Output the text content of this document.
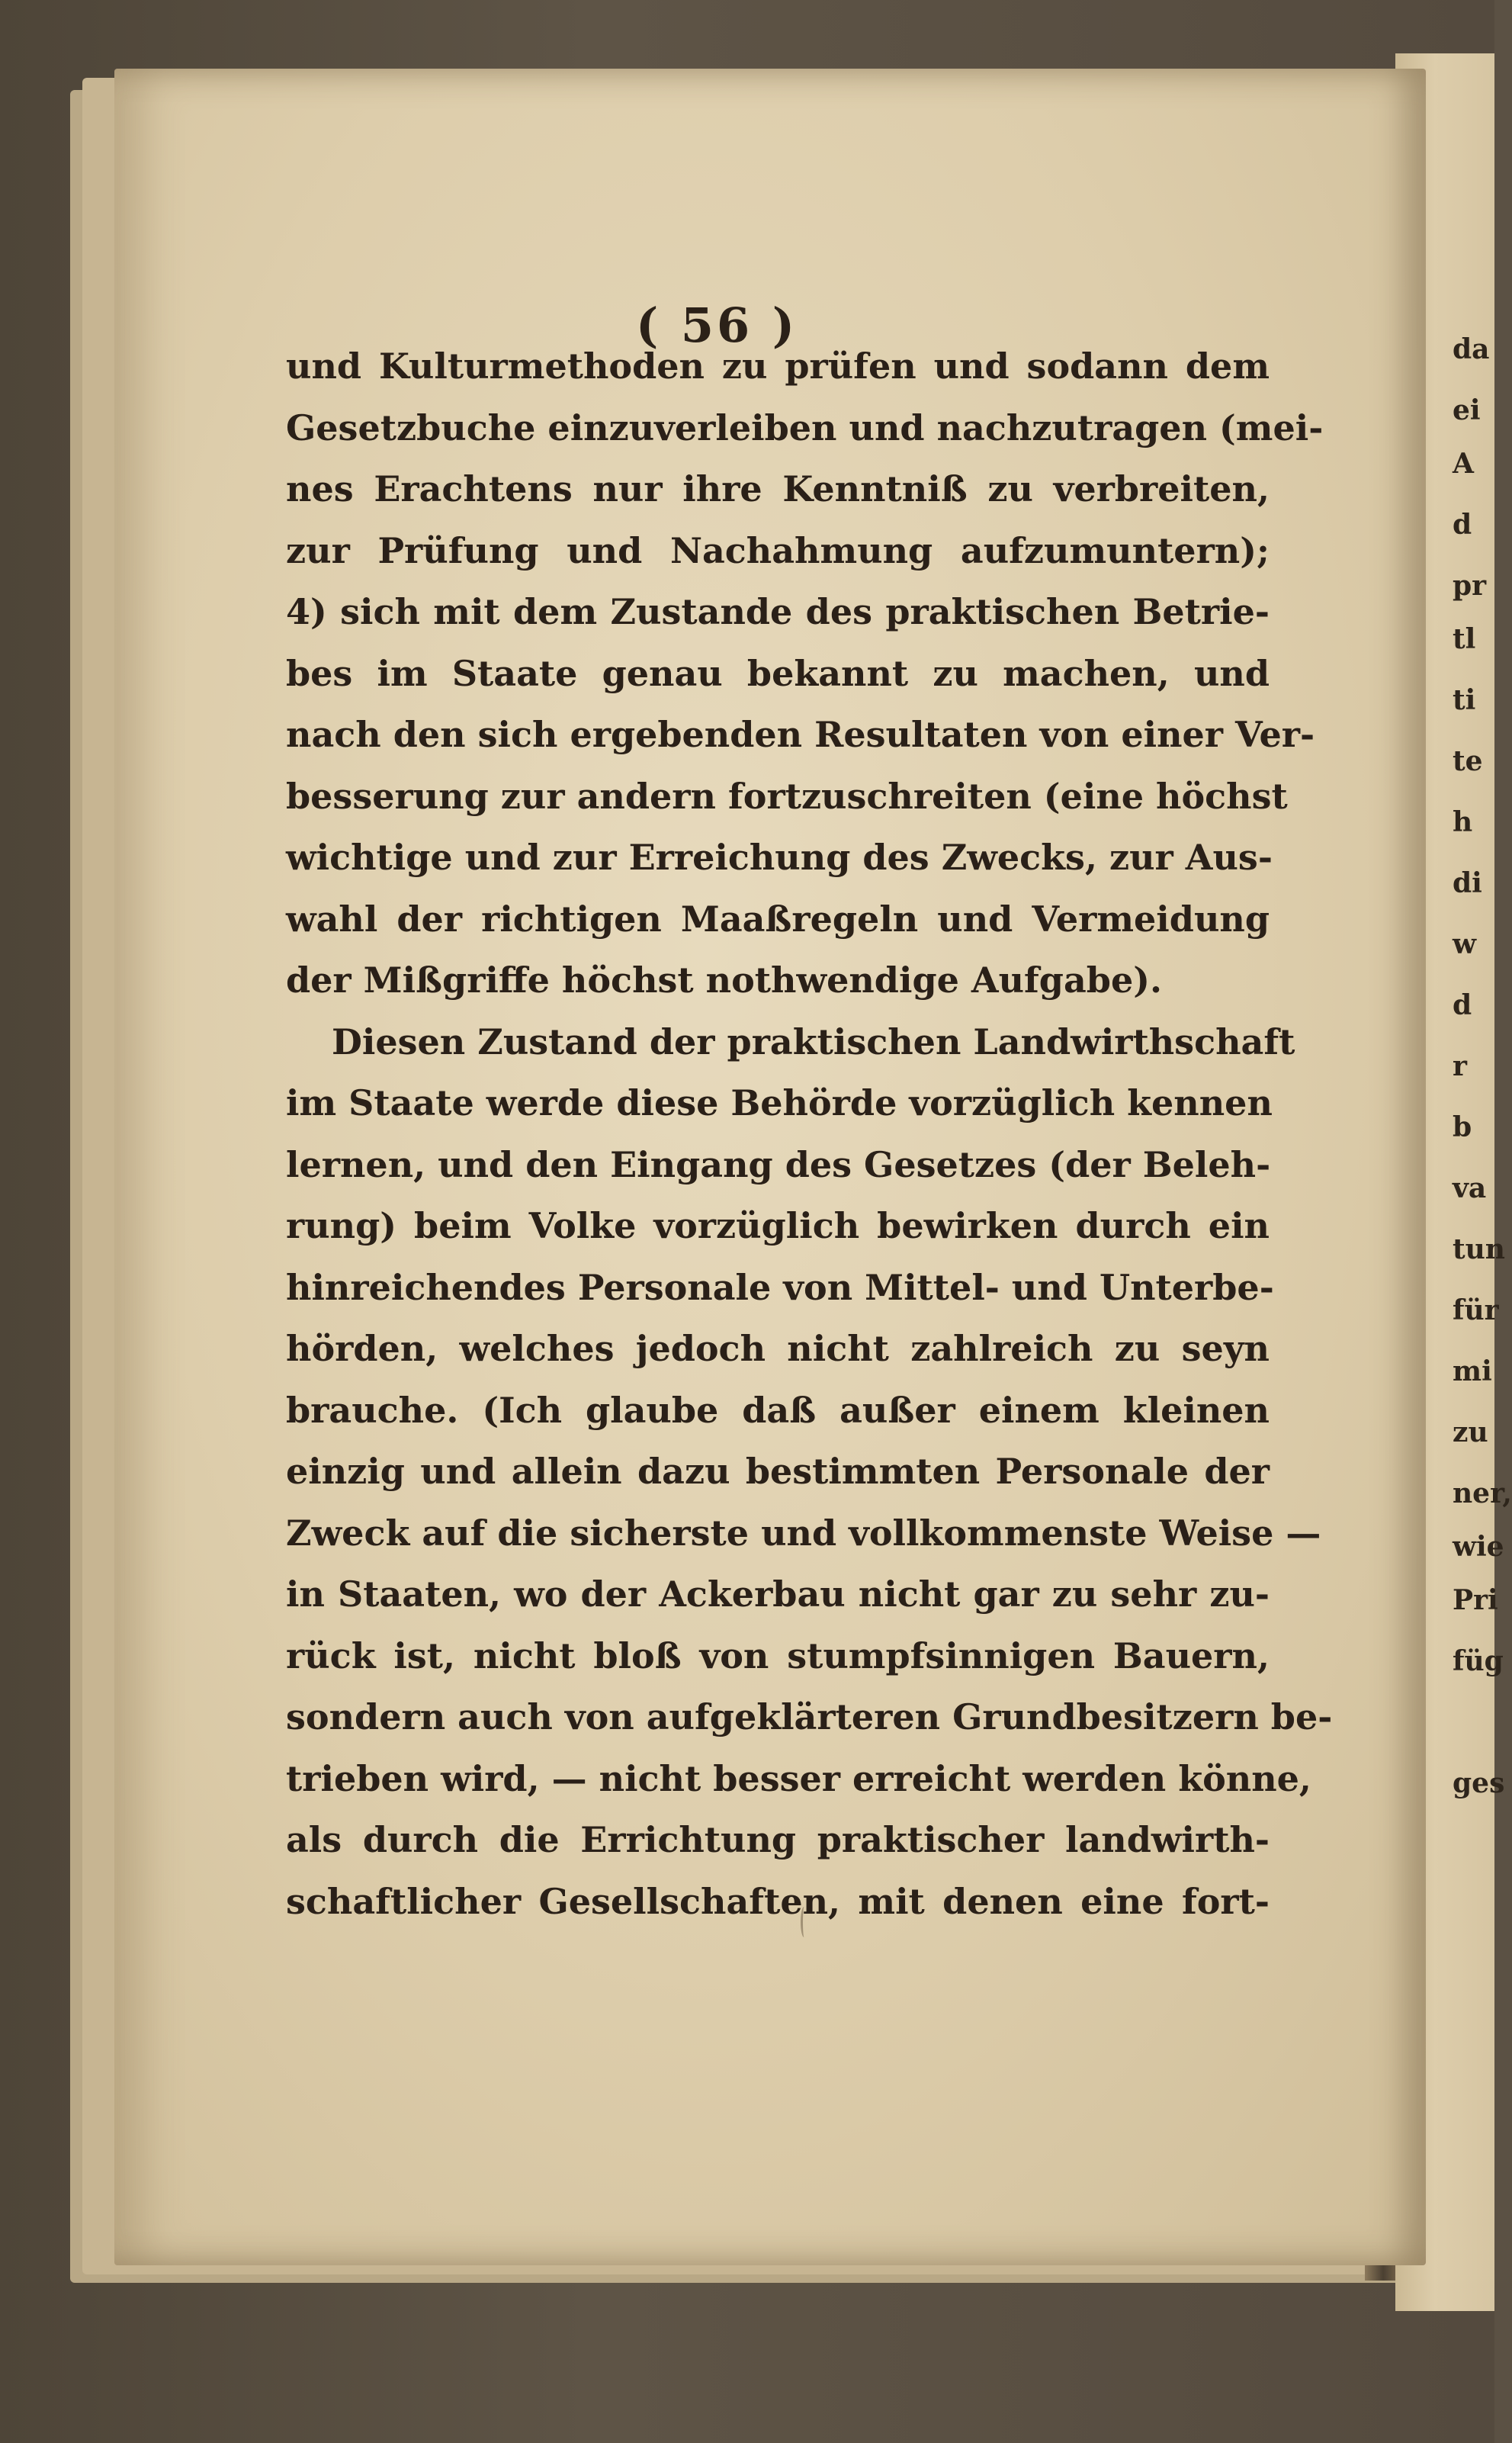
( 56 )
und Kulturmethoden zu prüfen und sodann dem
Gesetzbuche einzuverleiben und nachzutragen (mei-
nes Erachtens nur ihre Kenntniß zu verbreiten,
zur Prüfung und Nachahmung aufzumuntern);
4) sich mit dem Zustande des praktischen Betrie-
bes im Staate genau bekannt zu machen, und
nach den sich ergebenden Resultaten von einer Ver-
besserung zur andern fortzuschreiten (eine höchst
wichtige und zur Erreichung des Zwecks, zur Aus-
wahl der richtigen Maaßregeln und Vermeidung
der Mißgriffe höchst nothwendige Aufgabe).
Diesen Zustand der praktischen Landwirthschaft
im Staate werde diese Behörde vorzüglich kennen
lernen, und den Eingang des Gesetzes (der Beleh-
rung) beim Volke vorzüglich bewirken durch ein
hinreichendes Personale von Mittel- und Unterbe-
hörden, welches jedoch nicht zahlreich zu seyn
brauche. (Ich glaube daß außer einem kleinen
einzig und allein dazu bestimmten Personale der
Zweck auf die sicherste und vollkommenste Weise —
in Staaten, wo der Ackerbau nicht gar zu sehr zu-
rück ist, nicht bloß von stumpfsinnigen Bauern,
sondern auch von aufgeklärteren Grundbesitzern be-
trieben wird, — nicht besser erreicht werden könne,
als durch die Errichtung praktischer landwirth-
schaftlicher Gesellschaften, mit denen eine fort-
da
ei
A
d
pr
tl
ti
te
h
di
w
d
r
b
va
tun
für
mi
zu
ner,
wie
Pri
füg
ges
